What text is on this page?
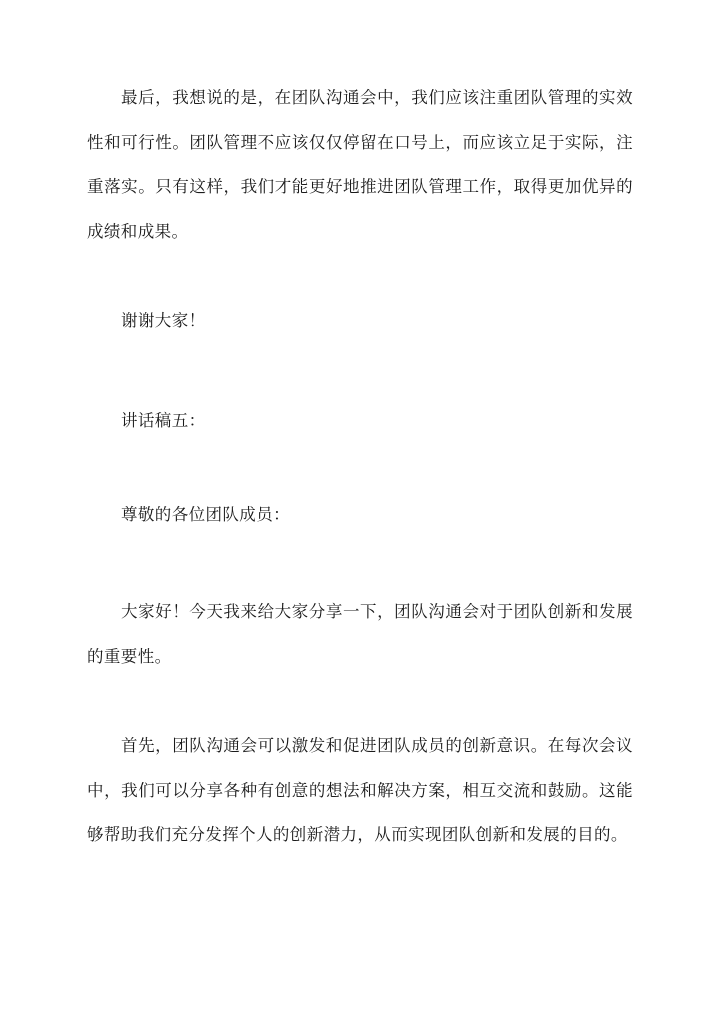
最后，我想说的是，在团队沟通会中，我们应该注重团队管理的实效性和可行性。团队管理不应该仅仅停留在口号上，而应该立足于实际，注重落实。只有这样，我们才能更好地推进团队管理工作，取得更加优异的成绩和成果。

谢谢大家！

讲话稿五：

尊敬的各位团队成员：

大家好！今天我来给大家分享一下，团队沟通会对于团队创新和发展的重要性。

首先，团队沟通会可以激发和促进团队成员的创新意识。在每次会议中，我们可以分享各种有创意的想法和解决方案，相互交流和鼓励。这能够帮助我们充分发挥个人的创新潜力，从而实现团队创新和发展的目的。
